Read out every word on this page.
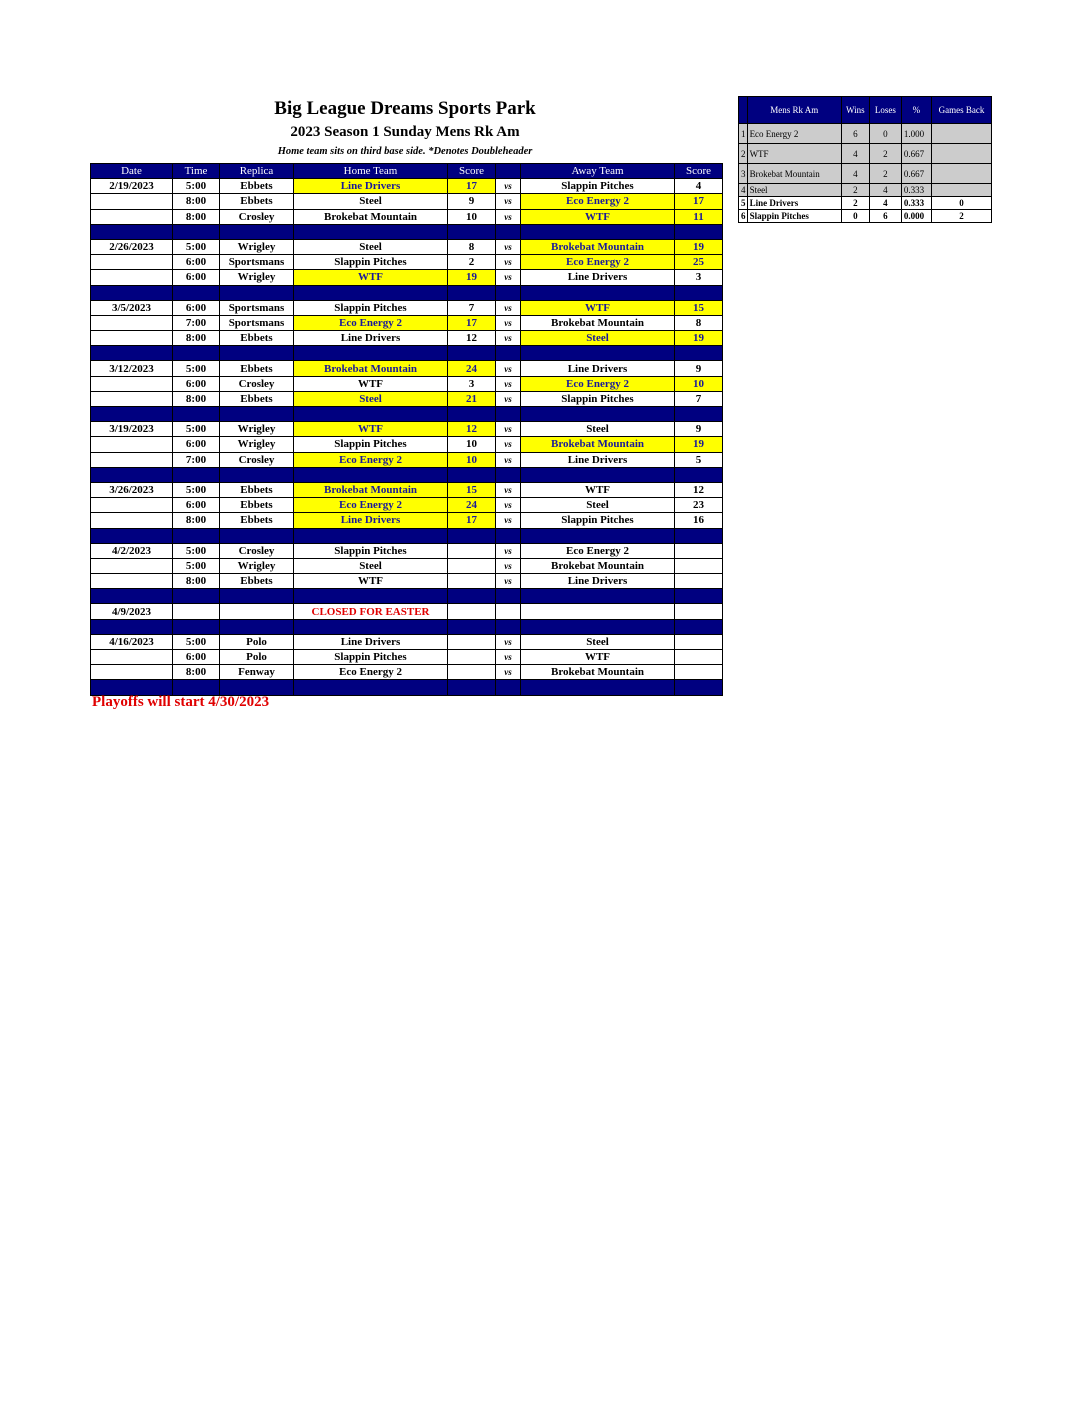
Big League Dreams Sports Park
2023 Season 1 Sunday Mens Rk Am
Home team sits on third base side. *Denotes Doubleheader
Date	Time	Replica	Home Team	Score		Away Team	Score
2/19/2023	5:00	Ebbets	Line Drivers	17	vs	Slappin Pitches	4
	8:00	Ebbets	Steel	9	vs	Eco Energy 2	17
	8:00	Crosley	Brokebat Mountain	10	vs	WTF	11

2/26/2023	5:00	Wrigley	Steel	8	vs	Brokebat Mountain	19
	6:00	Sportsmans	Slappin Pitches	2	vs	Eco Energy 2	25
	6:00	Wrigley	WTF	19	vs	Line Drivers	3

3/5/2023	6:00	Sportsmans	Slappin Pitches	7	vs	WTF	15
	7:00	Sportsmans	Eco Energy 2	17	vs	Brokebat Mountain	8
	8:00	Ebbets	Line Drivers	12	vs	Steel	19

3/12/2023	5:00	Ebbets	Brokebat Mountain	24	vs	Line Drivers	9
	6:00	Crosley	WTF	3	vs	Eco Energy 2	10
	8:00	Ebbets	Steel	21	vs	Slappin Pitches	7

3/19/2023	5:00	Wrigley	WTF	12	vs	Steel	9
	6:00	Wrigley	Slappin Pitches	10	vs	Brokebat Mountain	19
	7:00	Crosley	Eco Energy 2	10	vs	Line Drivers	5

3/26/2023	5:00	Ebbets	Brokebat Mountain	15	vs	WTF	12
	6:00	Ebbets	Eco Energy 2	24	vs	Steel	23
	8:00	Ebbets	Line Drivers	17	vs	Slappin Pitches	16

4/2/2023	5:00	Crosley	Slappin Pitches		vs	Eco Energy 2	
	5:00	Wrigley	Steel		vs	Brokebat Mountain	
	8:00	Ebbets	WTF		vs	Line Drivers	

4/9/2023			CLOSED FOR EASTER				

4/16/2023	5:00	Polo	Line Drivers		vs	Steel	
	6:00	Polo	Slappin Pitches		vs	WTF	
	8:00	Fenway	Eco Energy 2		vs	Brokebat Mountain	

	Mens Rk Am	Wins	Loses	%	Games Back
1	Eco Energy 2	6	0	1.000	
2	WTF	4	2	0.667	
3	Brokebat Mountain	4	2	0.667	
4	Steel	2	4	0.333	
5	Line Drivers	2	4	0.333	0
6	Slappin Pitches	0	6	0.000	2
Playoffs will start 4/30/2023
